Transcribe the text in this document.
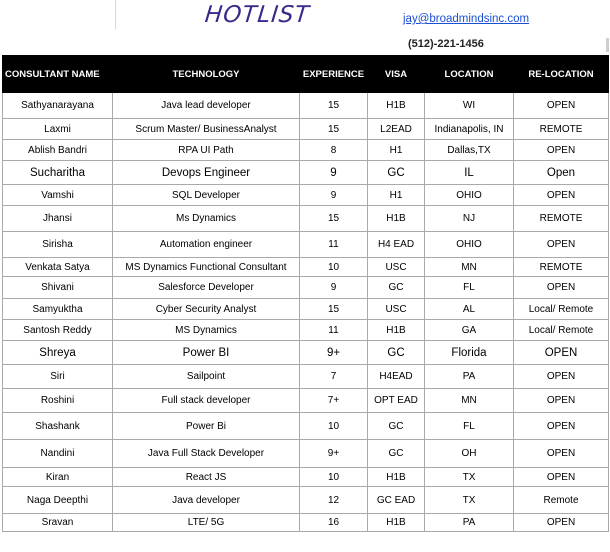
HOTLIST	jay@broadmindsinc.com
(512)-221-1456
CONSULTANT NAME	TECHNOLOGY	EXPERIENCE	VISA	LOCATION	RE-LOCATION
Sathyanarayana	Java lead developer	15	H1B	WI	OPEN
Laxmi	Scrum Master/ BusinessAnalyst	15	L2EAD	Indianapolis, IN	REMOTE
Ablish Bandri	RPA UI Path	8	H1	Dallas,TX	OPEN
Sucharitha	Devops Engineer	9	GC	IL	Open
Vamshi	SQL Developer	9	H1	OHIO	OPEN
Jhansi	Ms Dynamics	15	H1B	NJ	REMOTE
Sirisha	Automation engineer	11	H4 EAD	OHIO	OPEN
Venkata Satya	MS Dynamics Functional Consultant	10	USC	MN	REMOTE
Shivani	Salesforce Developer	9	GC	FL	OPEN
Samyuktha	Cyber Security Analyst	15	USC	AL	Local/ Remote
Santosh Reddy	MS Dynamics	11	H1B	GA	Local/ Remote
Shreya	Power BI	9+	GC	Florida	OPEN
Siri	Sailpoint	7	H4EAD	PA	OPEN
Roshini	Full stack developer	7+	OPT EAD	MN	OPEN
Shashank	Power Bi	10	GC	FL	OPEN
Nandini	Java Full Stack Developer	9+	GC	OH	OPEN
Kiran	React JS	10	H1B	TX	OPEN
Naga Deepthi	Java developer	12	GC EAD	TX	Remote
Sravan	LTE/ 5G	16	H1B	PA	OPEN
